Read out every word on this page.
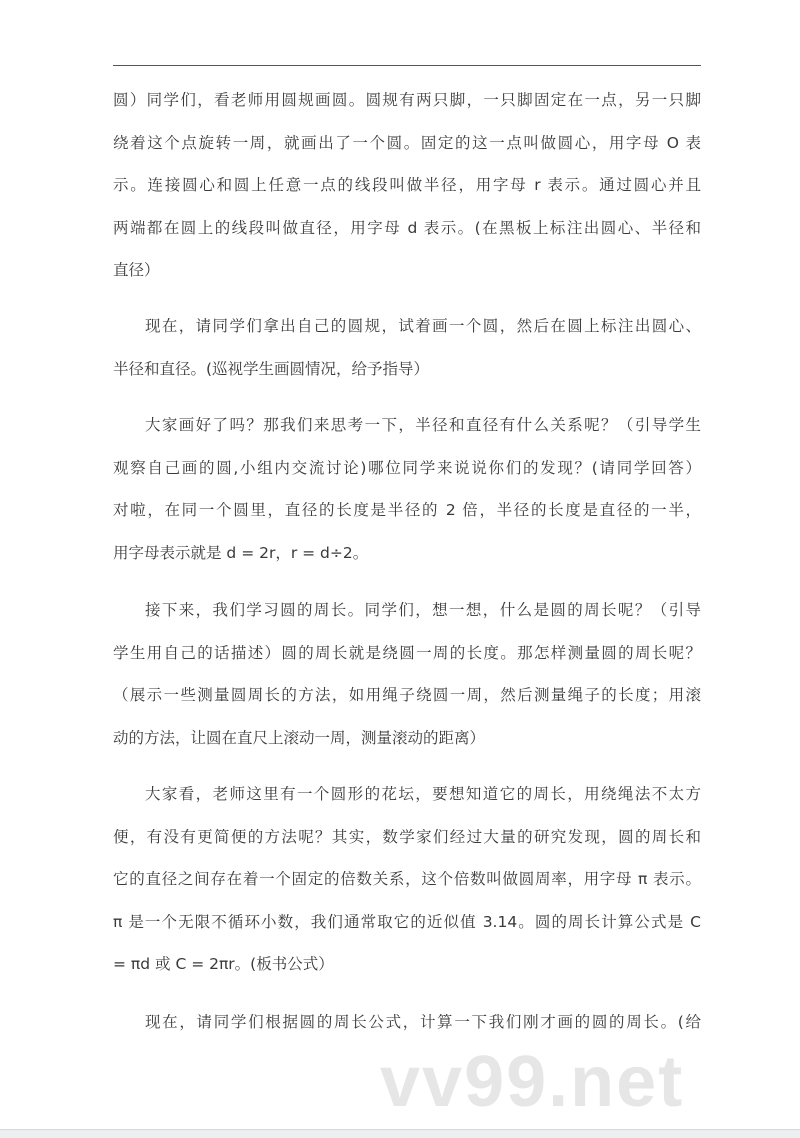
圆）同学们，看老师用圆规画圆。圆规有两只脚，一只脚固定在一点，另一只脚
绕着这个点旋转一周，就画出了一个圆。固定的这一点叫做圆心，用字母 O 表
示。连接圆心和圆上任意一点的线段叫做半径，用字母 r 表示。通过圆心并且
两端都在圆上的线段叫做直径，用字母 d 表示。(在黑板上标注出圆心、半径和
直径）
现在，请同学们拿出自己的圆规，试着画一个圆，然后在圆上标注出圆心、
半径和直径。(巡视学生画圆情况，给予指导）
大家画好了吗？那我们来思考一下，半径和直径有什么关系呢？（引导学生
观察自己画的圆,小组内交流讨论)哪位同学来说说你们的发现？(请同学回答）
对啦，在同一个圆里，直径的长度是半径的 2 倍，半径的长度是直径的一半，
用字母表示就是 d = 2r，r = d÷2。
接下来，我们学习圆的周长。同学们，想一想，什么是圆的周长呢？（引导
学生用自己的话描述）圆的周长就是绕圆一周的长度。那怎样测量圆的周长呢？
（展示一些测量圆周长的方法，如用绳子绕圆一周，然后测量绳子的长度；用滚
动的方法，让圆在直尺上滚动一周，测量滚动的距离）
大家看，老师这里有一个圆形的花坛，要想知道它的周长，用绕绳法不太方
便，有没有更简便的方法呢？其实，数学家们经过大量的研究发现，圆的周长和
它的直径之间存在着一个固定的倍数关系，这个倍数叫做圆周率，用字母 π 表示。
π 是一个无限不循环小数，我们通常取它的近似值 3.14。圆的周长计算公式是 C
= πd 或 C = 2πr。(板书公式）
现在，请同学们根据圆的周长公式，计算一下我们刚才画的圆的周长。(给
vv99.net
